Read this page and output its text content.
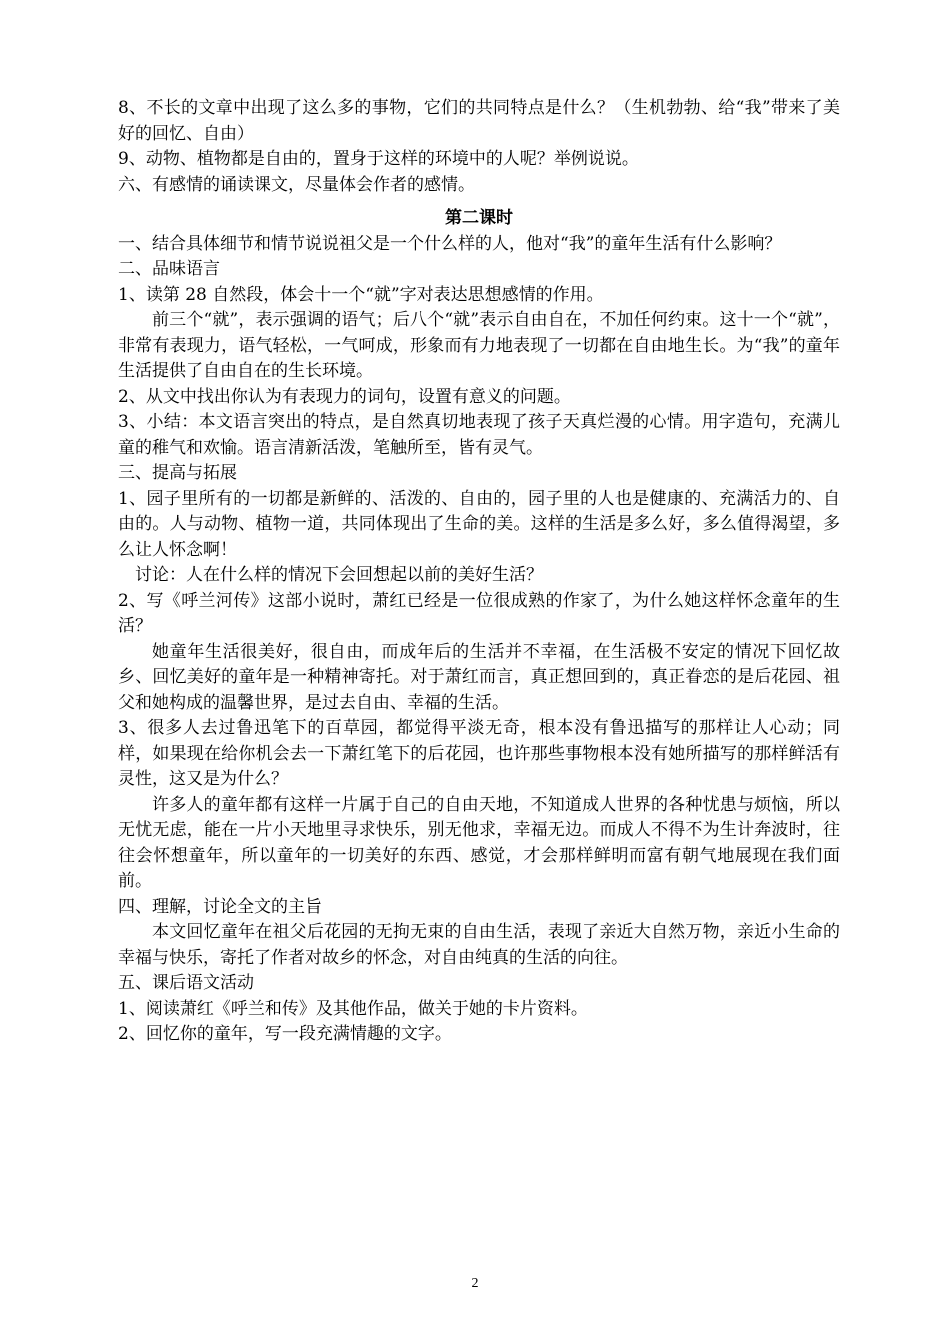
8、不长的文章中出现了这么多的事物，它们的共同特点是什么？（生机勃勃、给“我”带来了美好的回忆、自由）

9、动物、植物都是自由的，置身于这样的环境中的人呢？举例说说。

六、有感情的诵读课文，尽量体会作者的感情。

第二课时

一、结合具体细节和情节说说祖父是一个什么样的人，他对“我”的童年生活有什么影响？

二、品味语言

1、读第 28 自然段，体会十一个“就”字对表达思想感情的作用。

前三个“就”，表示强调的语气；后八个“就”表示自由自在，不加任何约束。这十一个“就”，非常有表现力，语气轻松，一气呵成，形象而有力地表现了一切都在自由地生长。为“我”的童年生活提供了自由自在的生长环境。

2、从文中找出你认为有表现力的词句，设置有意义的问题。

3、小结：本文语言突出的特点，是自然真切地表现了孩子天真烂漫的心情。用字造句，充满儿童的稚气和欢愉。语言清新活泼，笔触所至，皆有灵气。

三、提高与拓展

1、园子里所有的一切都是新鲜的、活泼的、自由的，园子里的人也是健康的、充满活力的、自由的。人与动物、植物一道，共同体现出了生命的美。这样的生活是多么好，多么值得渴望，多么让人怀念啊！

讨论：人在什么样的情况下会回想起以前的美好生活？

2、写《呼兰河传》这部小说时，萧红已经是一位很成熟的作家了，为什么她这样怀念童年的生活？

她童年生活很美好，很自由，而成年后的生活并不幸福，在生活极不安定的情况下回忆故乡、回忆美好的童年是一种精神寄托。对于萧红而言，真正想回到的，真正眷恋的是后花园、祖父和她构成的温馨世界，是过去自由、幸福的生活。

3、很多人去过鲁迅笔下的百草园，都觉得平淡无奇，根本没有鲁迅描写的那样让人心动；同样，如果现在给你机会去一下萧红笔下的后花园，也许那些事物根本没有她所描写的那样鲜活有灵性，这又是为什么？

许多人的童年都有这样一片属于自己的自由天地，不知道成人世界的各种忧患与烦恼，所以无忧无虑，能在一片小天地里寻求快乐，别无他求，幸福无边。而成人不得不为生计奔波时，往往会怀想童年，所以童年的一切美好的东西、感觉，才会那样鲜明而富有朝气地展现在我们面前。

四、理解，讨论全文的主旨

本文回忆童年在祖父后花园的无拘无束的自由生活，表现了亲近大自然万物，亲近小生命的幸福与快乐，寄托了作者对故乡的怀念，对自由纯真的生活的向往。

五、课后语文活动

1、阅读萧红《呼兰和传》及其他作品，做关于她的卡片资料。

2、回忆你的童年，写一段充满情趣的文字。

2
